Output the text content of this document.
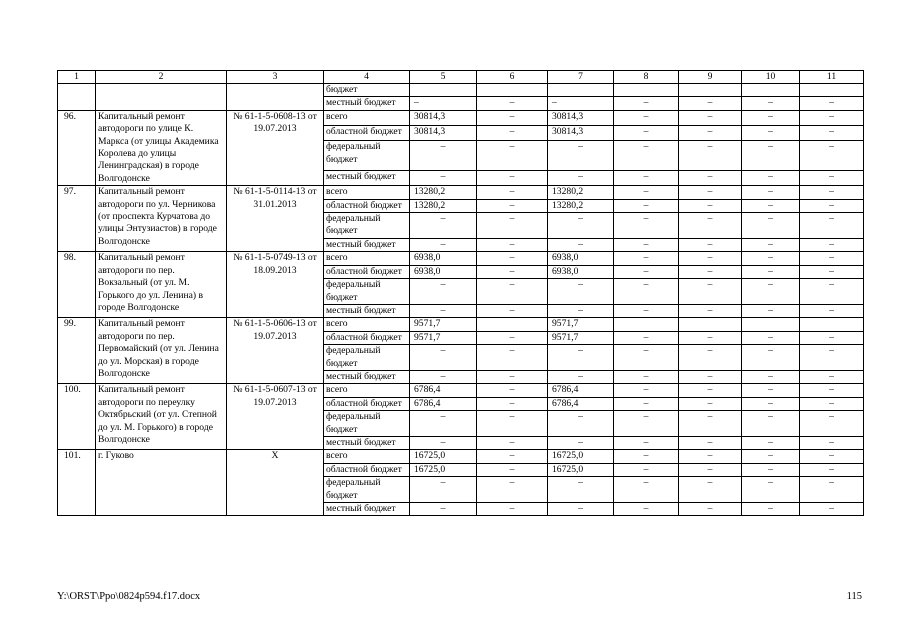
1	2	3	4	5	6	7	8	9	10	11
			бюджет							
			местный бюджет	–	–	–	–	–	–	–
96.	Капитальный ремонт автодороги по улице К. Маркса (от улицы Академика Королева до улицы Ленинградская) в городе Волгодонске	№ 61-1-5-0608-13 от 19.07.2013	всего	30814,3	–	30814,3	–	–	–	–
			областной бюджет	30814,3	–	30814,3	–	–	–	–
			федеральный бюджет	–	–	–	–	–	–	–
			местный бюджет	–	–	–	–	–	–	–
97.	Капитальный ремонт автодороги по ул. Черникова (от проспекта Курчатова до улицы Энтузиастов) в городе Волгодонске	№ 61-1-5-0114-13 от 31.01.2013	всего	13280,2	–	13280,2	–	–	–	–
			областной бюджет	13280,2	–	13280,2	–	–	–	–
			федеральный бюджет	–	–	–	–	–	–	–
			местный бюджет	–	–	–	–	–	–	–
98.	Капитальный ремонт автодороги по пер. Вокзальный (от ул. М. Горького до ул. Ленина) в городе Волгодонске	№ 61-1-5-0749-13 от 18.09.2013	всего	6938,0	–	6938,0	–	–	–	–
			областной бюджет	6938,0	–	6938,0	–	–	–	–
			федеральный бюджет	–	–	–	–	–	–	–
			местный бюджет	–	–	–	–	–	–	–
99.	Капитальный ремонт автодороги по пер. Первомайский (от ул. Ленина до ул. Морская) в городе Волгодонске	№ 61-1-5-0606-13 от 19.07.2013	всего	9571,7		9571,7				
			областной бюджет	9571,7	–	9571,7	–	–	–	–
			федеральный бюджет	–	–	–	–	–	–	–
			местный бюджет	–	–	–	–	–	–	–
100.	Капитальный ремонт автодороги по переулку Октябрьский (от ул. Степной до ул. М. Горького) в городе Волгодонске	№ 61-1-5-0607-13 от 19.07.2013	всего	6786,4	–	6786,4	–	–	–	–
			областной бюджет	6786,4	–	6786,4	–	–	–	–
			федеральный бюджет	–	–	–	–	–	–	–
			местный бюджет	–	–	–	–	–	–	–
101.	г. Гуково	Х	всего	16725,0	–	16725,0	–	–	–	–
			областной бюджет	16725,0	–	16725,0	–	–	–	–
			федеральный бюджет	–	–	–	–	–	–	–
			местный бюджет	–	–	–	–	–	–	–
Y:\ORST\Ppo\0824p594.f17.docx	115
